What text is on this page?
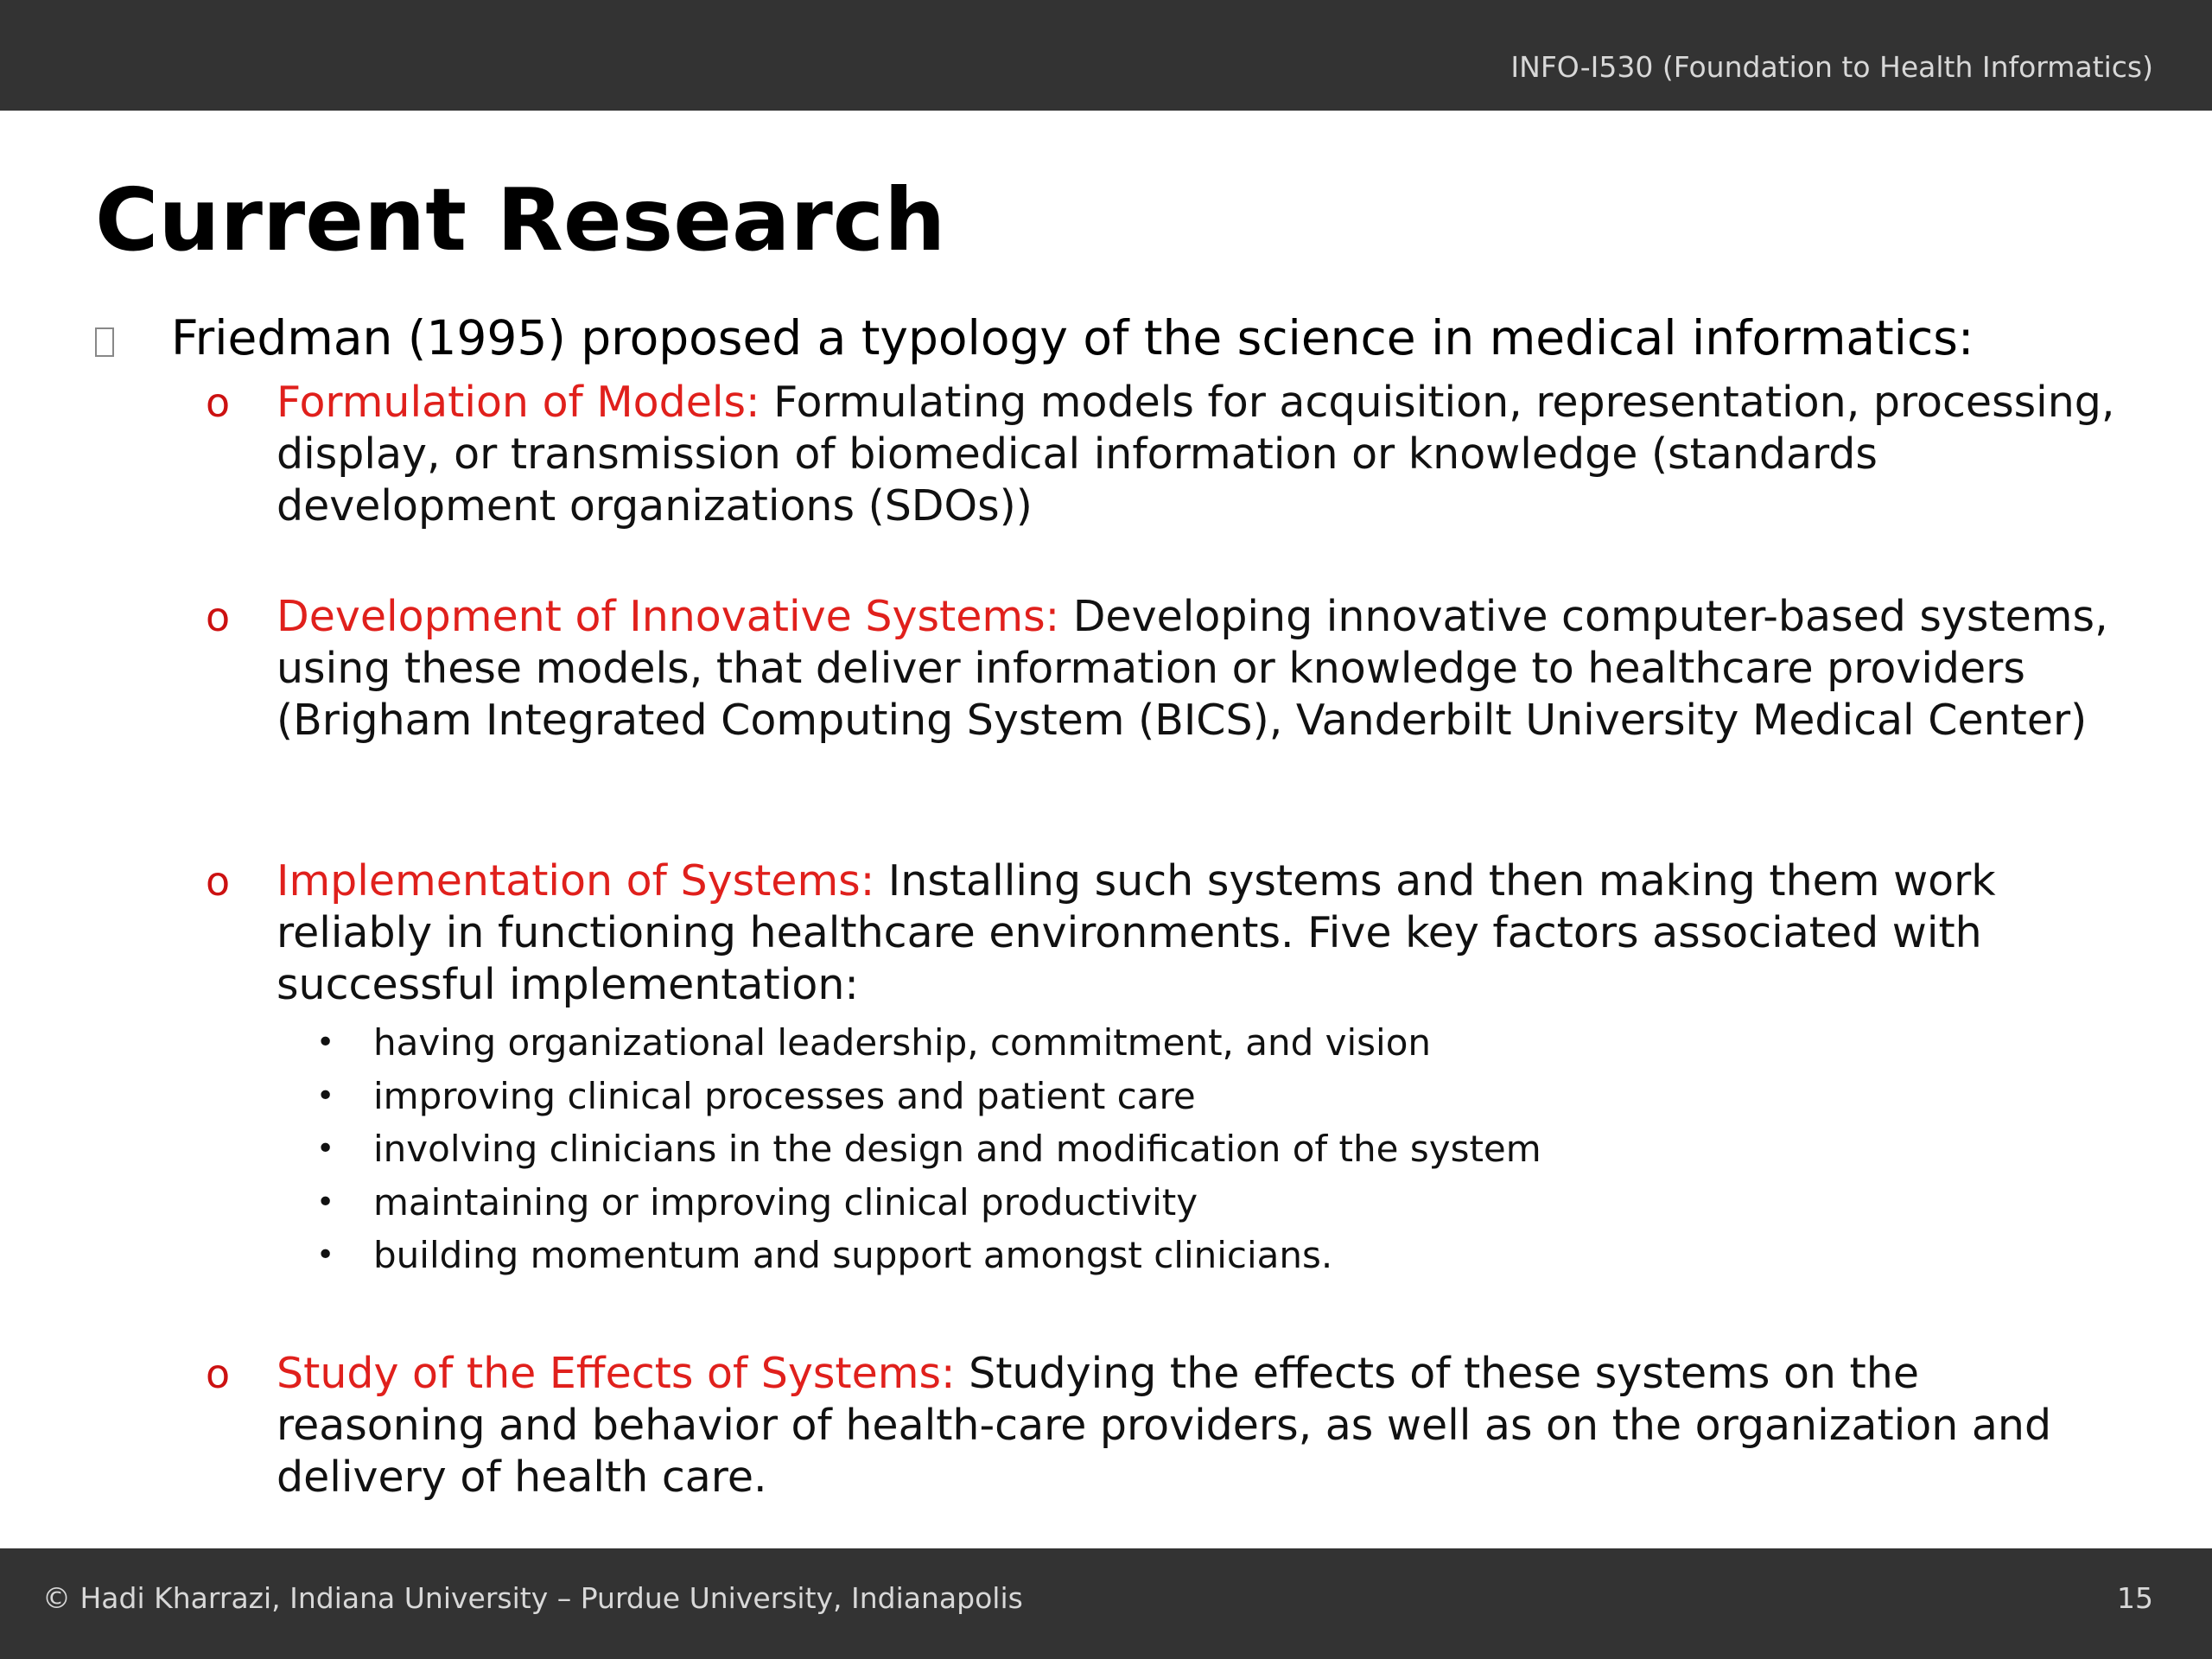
INFO-I530 (Foundation to Health Informatics)
Current Research
Friedman (1995) proposed a typology of the science in medical informatics:
o Formulation of Models: Formulating models for acquisition, representation, processing, display, or transmission of biomedical information or knowledge (standards development organizations (SDOs))
o Development of Innovative Systems: Developing innovative computer-based systems, using these models, that deliver information or knowledge to healthcare providers (Brigham Integrated Computing System (BICS), Vanderbilt University Medical Center)
o Implementation of Systems: Installing such systems and then making them work reliably in functioning healthcare environments. Five key factors associated with successful implementation:
• having organizational leadership, commitment, and vision
• improving clinical processes and patient care
• involving clinicians in the design and modification of the system
• maintaining or improving clinical productivity
• building momentum and support amongst clinicians.
o Study of the Effects of Systems: Studying the effects of these systems on the reasoning and behavior of health-care providers, as well as on the organization and delivery of health care.
© Hadi Kharrazi, Indiana University – Purdue University, Indianapolis	15
